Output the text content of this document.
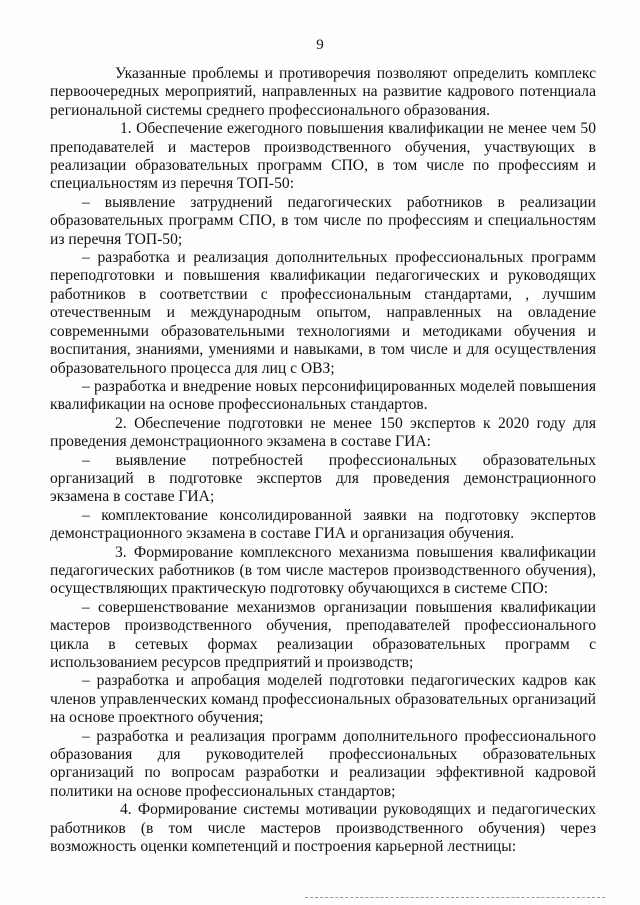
9

Указанные проблемы и противоречия позволяют определить комплекс первоочередных мероприятий, направленных на развитие кадрового потенциала региональной системы среднего профессионального образования.

1. Обеспечение ежегодного повышения квалификации не менее чем 50 преподавателей и мастеров производственного обучения, участвующих в реализации образовательных программ СПО, в том числе по профессиям и специальностям из перечня ТОП-50:

– выявление затруднений педагогических работников в реализации образовательных программ СПО, в том числе по профессиям и специальностям из перечня ТОП-50;

– разработка и реализация дополнительных профессиональных программ переподготовки и повышения квалификации педагогических и руководящих работников в соответствии с профессиональным стандартами, , лучшим отечественным и международным опытом, направленных на овладение современными образовательными технологиями и методиками обучения и воспитания, знаниями, умениями и навыками, в том числе и для осуществления образовательного процесса для лиц с ОВЗ;

– разработка и внедрение новых персонифицированных моделей повышения квалификации на основе профессиональных стандартов.

2. Обеспечение подготовки не менее 150 экспертов к 2020 году для проведения демонстрационного экзамена в составе ГИА:

– выявление потребностей профессиональных образовательных организаций в подготовке экспертов для проведения демонстрационного экзамена в составе ГИА;

– комплектование консолидированной заявки на подготовку экспертов демонстрационного экзамена в составе ГИА и организация обучения.

3. Формирование комплексного механизма повышения квалификации педагогических работников (в том числе мастеров производственного обучения), осуществляющих практическую подготовку обучающихся в системе СПО:

– совершенствование механизмов организации повышения квалификации мастеров производственного обучения, преподавателей профессионального цикла в сетевых формах реализации образовательных программ с использованием ресурсов предприятий и производств;

– разработка и апробация моделей подготовки педагогических кадров как членов управленческих команд профессиональных образовательных организаций на основе проектного обучения;

– разработка и реализация программ дополнительного профессионального образования для руководителей профессиональных образовательных организаций по вопросам разработки и реализации эффективной кадровой политики на основе профессиональных стандартов;

4. Формирование системы мотивации руководящих и педагогических работников (в том числе мастеров производственного обучения) через возможность оценки компетенций и построения карьерной лестницы:
